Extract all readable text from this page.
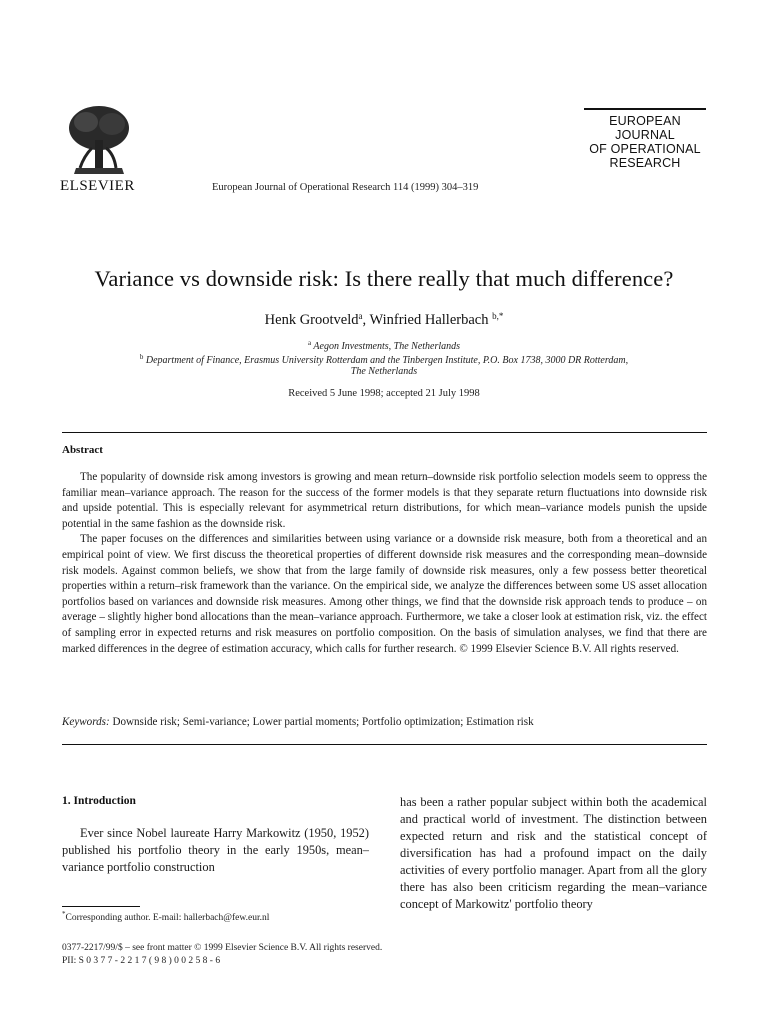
ELSEVIER	European Journal of Operational Research 114 (1999) 304–319
EUROPEAN
JOURNAL
OF OPERATIONAL
RESEARCH
Variance vs downside risk: Is there really that much difference?
Henk Grootveld$^a$, Winfried Hallerbach $^{b,*}$
$^a$ Aegon Investments, The Netherlands
$^b$ Department of Finance, Erasmus University Rotterdam and the Tinbergen Institute, P.O. Box 1738, 3000 DR Rotterdam,
The Netherlands
Received 5 June 1998; accepted 21 July 1998
Abstract

The popularity of downside risk among investors is growing and mean return–downside risk portfolio selection models seem to oppress the familiar mean–variance approach. The reason for the success of the former models is that they separate return fluctuations into downside risk and upside potential. This is especially relevant for asymmetrical return distributions, for which mean–variance models punish the upside potential in the same fashion as the downside risk.

The paper focuses on the differences and similarities between using variance or a downside risk measure, both from a theoretical and an empirical point of view. We first discuss the theoretical properties of different downside risk measures and the corresponding mean–downside risk models. Against common beliefs, we show that from the large family of downside risk measures, only a few possess better theoretical properties within a return–risk framework than the variance. On the empirical side, we analyze the differences between some US asset allocation portfolios based on variances and downside risk measures. Among other things, we find that the downside risk approach tends to produce – on average – slightly higher bond allocations than the mean–variance approach. Furthermore, we take a closer look at estimation risk, viz. the effect of sampling error in expected returns and risk measures on portfolio composition. On the basis of simulation analyses, we find that there are marked differences in the degree of estimation accuracy, which calls for further research. © 1999 Elsevier Science B.V. All rights reserved.

Keywords: Downside risk; Semi-variance; Lower partial moments; Portfolio optimization; Estimation risk
1. Introduction

Ever since Nobel laureate Harry Markowitz (1950, 1952) published his portfolio theory in the early 1950s, mean–variance portfolio construction

has been a rather popular subject within both the academical and practical world of investment. The distinction between expected return and risk and the statistical concept of diversification has had a profound impact on the daily activities of every portfolio manager. Apart from all the glory there has also been criticism regarding the mean–variance concept of Markowitz' portfolio theory

*Corresponding author. E-mail: hallerbach@few.eur.nl
0377-2217/99/$ – see front matter © 1999 Elsevier Science B.V. All rights reserved.
PII: S 0 3 7 7 - 2 2 1 7 ( 9 8 ) 0 0 2 5 8 - 6
